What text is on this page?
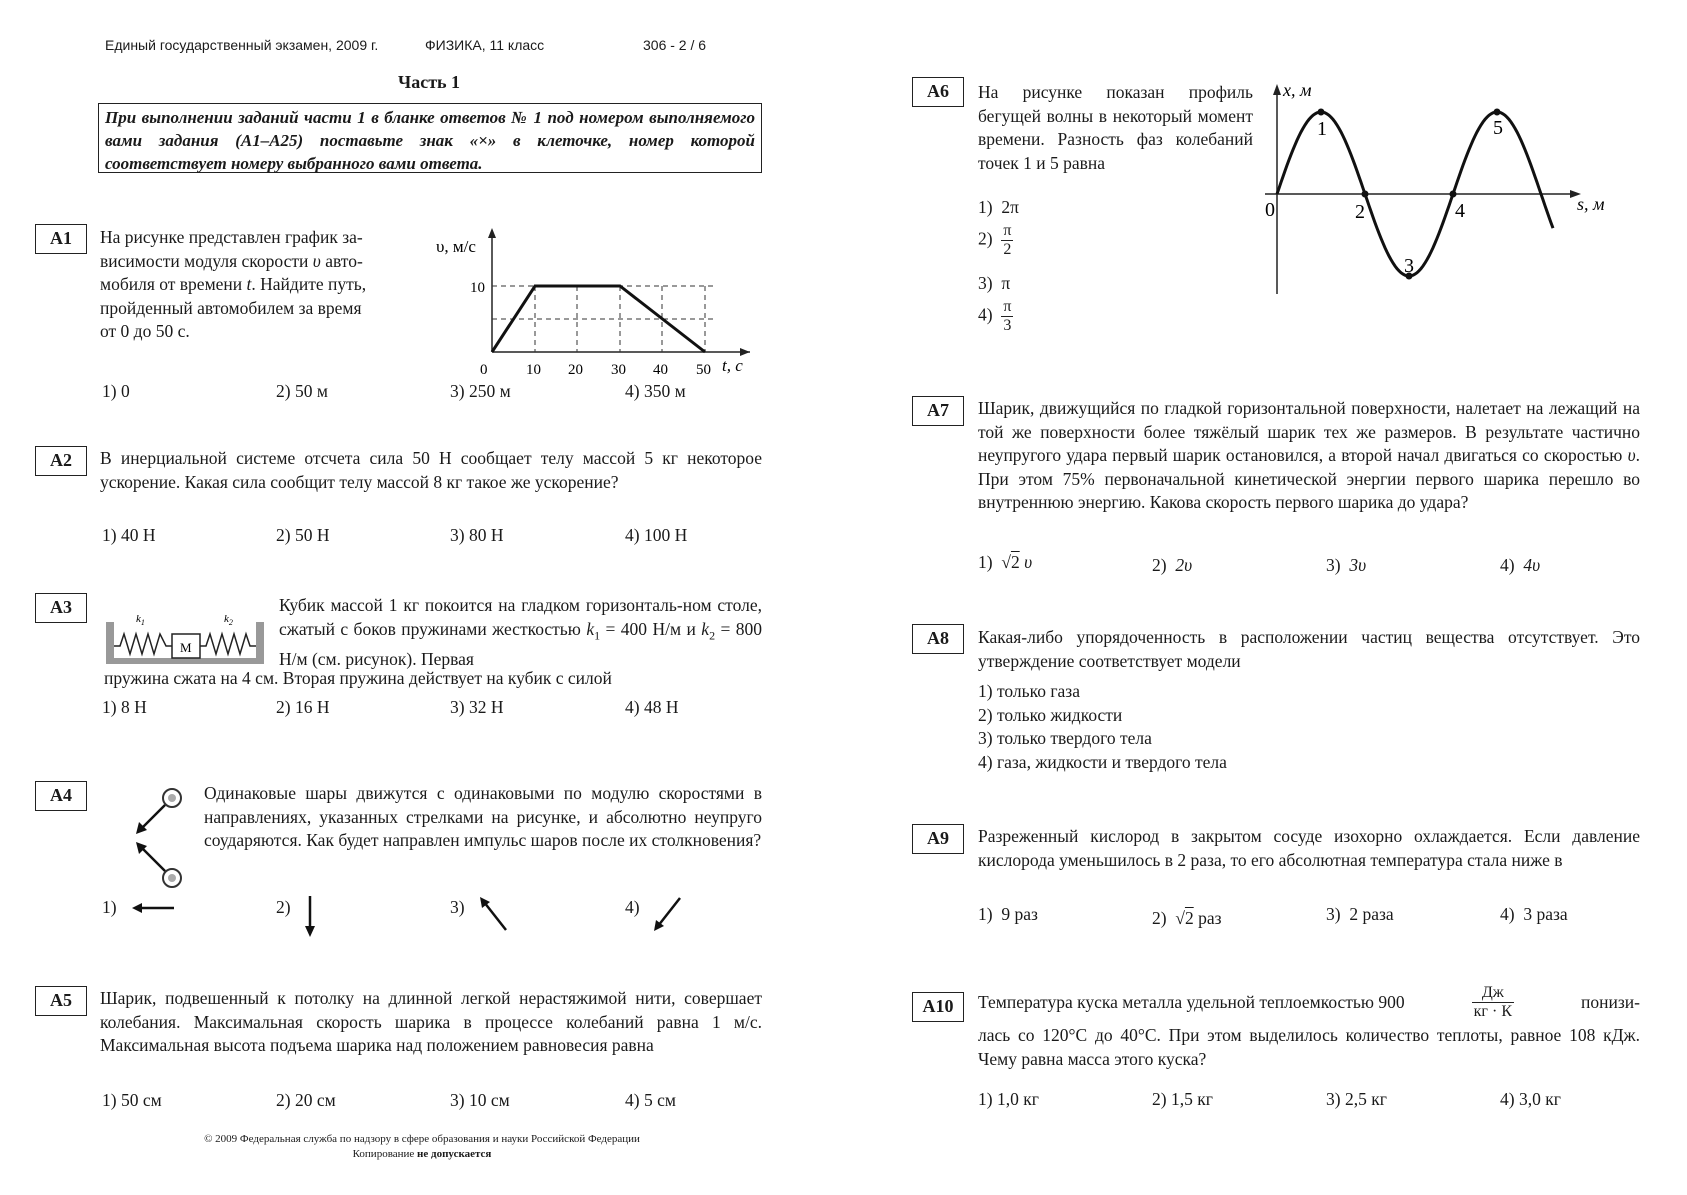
Единый государственный экзамен, 2009 г.	ФИЗИКА, 11 класс	306 - 2 / 6
Часть 1
При выполнении заданий части 1 в бланке ответов № 1 под номером выполняемого вами задания (А1–А25) поставьте знак «×» в клеточке, номер которой соответствует номеру выбранного вами ответа.
А1	На рисунке представлен график за-
висимости модуля скорости υ авто-
мобиля от времени t. Найдите путь,
пройденный автомобилем за время
от 0 до 50 с.
υ, м/с
10
0	10 20 30 40 50 t, с
1) 0	2) 50 м	3) 250 м	4) 350 м
А2	В инерциальной системе отсчета сила 50 Н сообщает телу массой 5 кг некоторое ускорение. Какая сила сообщит телу массой 8 кг такое же ускорение?
1) 40 Н	2) 50 Н	3) 80 Н	4) 100 Н
А3
М
$k_1$	$k_2$
Кубик массой 1 кг покоится на гладком горизонталь-ном столе, сжатый с боков пружинами жесткостью $k_1 = 400$ Н/м и $k_2 = 800$ Н/м (см. рисунок). Первая
пружина сжата на 4 см. Вторая пружина действует на кубик с силой
1) 8 Н	2) 16 Н	3) 32 Н	4) 48 Н
А4	Одинаковые шары движутся с одинаковыми по модулю скоростями в направлениях, указанных стрелками на рисунке, и абсолютно неупруго соударяются. Как будет направлен импульс шаров после их столкновения?
1)	2)	3)	4)
А5	Шарик, подвешенный к потолку на длинной легкой нерастяжимой нити, совершает колебания. Максимальная скорость шарика в процессе колебаний равна 1 м/с. Максимальная высота подъема шарика над положением равновесия равна
1) 50 см	2) 20 см	3) 10 см	4) 5 см
© 2009 Федеральная служба по надзору в сфере образования и науки Российской Федерации
Копирование не допускается
А6	На рисунке показан профиль бегущей волны в некоторый момент времени. Разность фаз колебаний точек 1 и 5 равна
1) 2π
$2) \frac{\pi}{2}$
3) π
$4) \frac{\pi}{3}$
x, м
s, м
0
1
2
3
4
5
А7	Шарик, движущийся по гладкой горизонтальной поверхности, налетает на лежащий на той же поверхности более тяжёлый шарик тех же размеров. В результате частично неупругого удара первый шарик остановился, а второй начал двигаться со скоростью υ. При этом 75% первоначальной кинетической энергии первого шарика перешло во внутреннюю энергию. Какова скорость первого шарика до удара?
1)  √2 υ	2) 2υ	3) 3υ	4) 4υ
А8	Какая-либо упорядоченность в расположении частиц вещества отсутствует. Это утверждение соответствует модели
1) только газа
2) только жидкости
3) только твердого тела
4) газа, жидкости и твердого тела
А9	Разреженный кислород в закрытом сосуде изохорно охлаждается. Если давление кислорода уменьшилось в 2 раза, то его абсолютная температура стала ниже в
1) 9 раз	2)  √2 раз	3) 2 раза	4) 3 раза
А10	Температура куска металла удельной теплоемкостью 900	$\frac{Дж}{кг \cdot К}$	понизи-
лась со 120°С до 40°С. При этом выделилось количество теплоты, равное 108 кДж. Чему равна масса этого куска?
1) 1,0 кг	2) 1,5 кг	3) 2,5 кг	4) 3,0 кг
